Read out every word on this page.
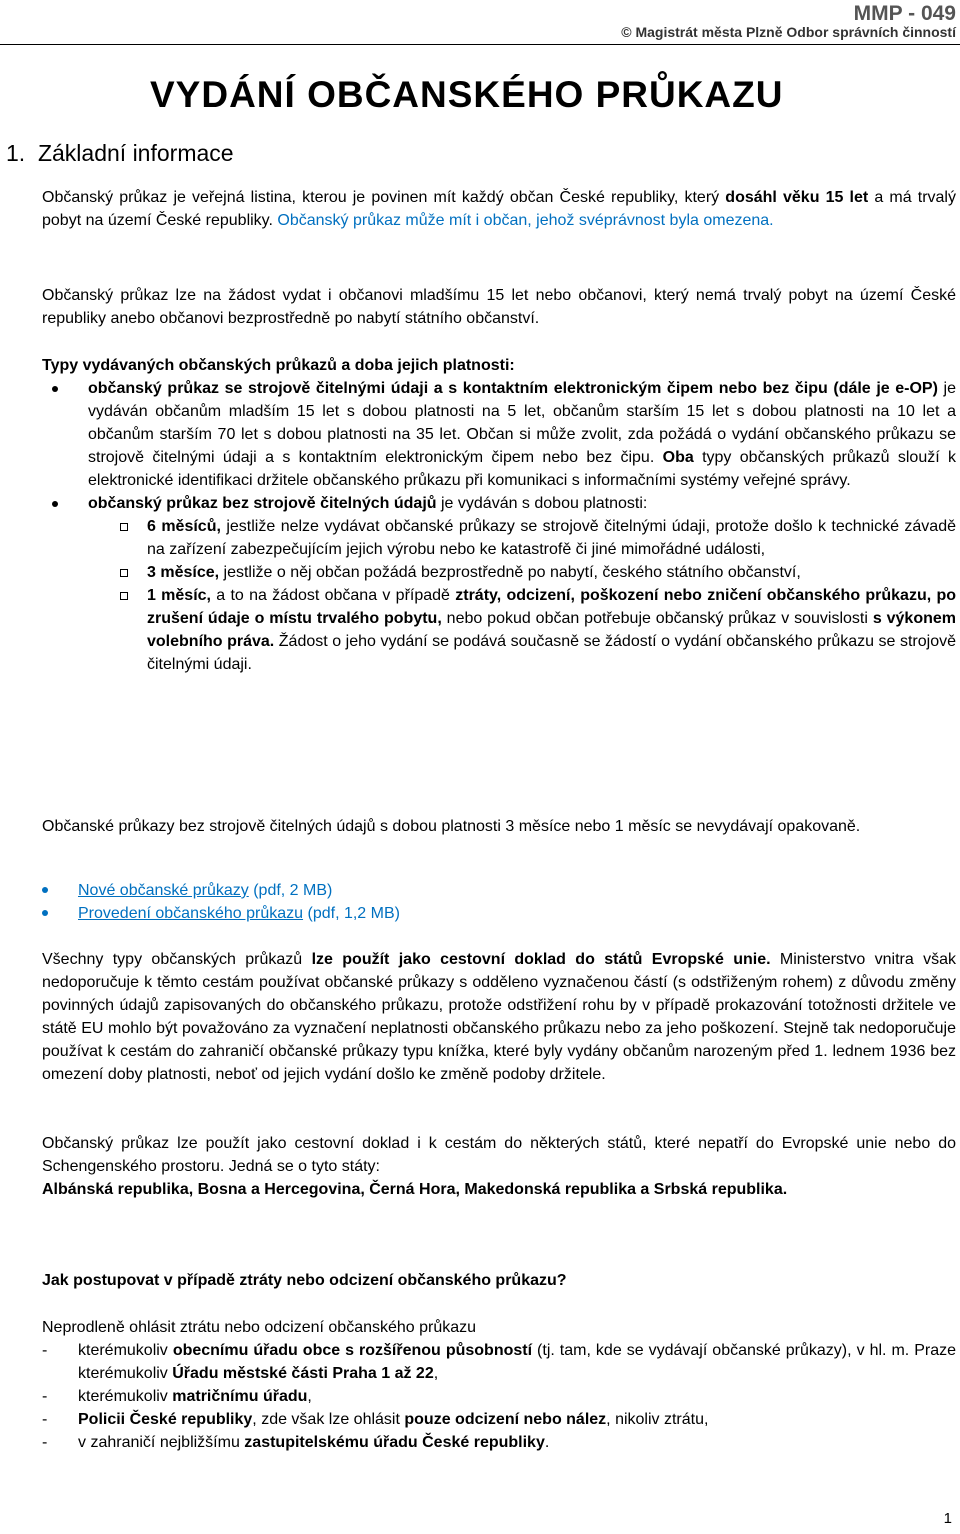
MMP - 049
© Magistrát města Plzně Odbor správních činností
VYDÁNÍ OBČANSKÉHO PRŮKAZU
1. Základní informace
Občanský průkaz je veřejná listina, kterou je povinen mít každý občan České republiky, který dosáhl věku 15 let a má trvalý pobyt na území České republiky. Občanský průkaz může mít i občan, jehož svéprávnost byla omezena.
Občanský průkaz lze na žádost vydat i občanovi mladšímu 15 let nebo občanovi, který nemá trvalý pobyt na území České republiky anebo občanovi bezprostředně po nabytí státního občanství.
Typy vydávaných občanských průkazů a doba jejich platnosti:
občanský průkaz se strojově čitelnými údaji a s kontaktním elektronickým čipem nebo bez čipu (dále je e-OP) je vydáván občanům mladším 15 let s dobou platnosti na 5 let, občanům starším 15 let s dobou platnosti na 10 let a občanům starším 70 let s dobou platnosti na 35 let. Občan si může zvolit, zda požádá o vydání občanského průkazu se strojově čitelnými údaji a s kontaktním elektronickým čipem nebo bez čipu. Oba typy občanských průkazů slouží k elektronické identifikaci držitele občanského průkazu při komunikaci s informačními systémy veřejné správy.
občanský průkaz bez strojově čitelných údajů je vydáván s dobou platnosti:
6 měsíců, jestliže nelze vydávat občanské průkazy se strojově čitelnými údaji, protože došlo k technické závadě na zařízení zabezpečujícím jejich výrobu nebo ke katastrofě či jiné mimořádné události,
3 měsíce, jestliže o něj občan požádá bezprostředně po nabytí, českého státního občanství,
1 měsíc, a to na žádost občana v případě ztráty, odcizení, poškození nebo zničení občanského průkazu, po zrušení údaje o místu trvalého pobytu, nebo pokud občan potřebuje občanský průkaz v souvislosti s výkonem volebního práva. Žádost o jeho vydání se podává současně se žádostí o vydání občanského průkazu se strojově čitelnými údaji.
Občanské průkazy bez strojově čitelných údajů s dobou platnosti 3 měsíce nebo 1 měsíc se nevydávají opakovaně.
Nové občanské průkazy (pdf, 2 MB)
Provedení občanského průkazu (pdf, 1,2 MB)
Všechny typy občanských průkazů lze použít jako cestovní doklad do států Evropské unie. Ministerstvo vnitra však nedoporučuje k těmto cestám používat občanské průkazy s odděleno vyznačenou částí (s odstřiženým rohem) z důvodu změny povinných údajů zapisovaných do občanského průkazu, protože odstřižení rohu by v případě prokazování totožnosti držitele ve státě EU mohlo být považováno za vyznačení neplatnosti občanského průkazu nebo za jeho poškození. Stejně tak nedoporučuje používat k cestám do zahraničí občanské průkazy typu knížka, které byly vydány občanům narozeným před 1. lednem 1936 bez omezení doby platnosti, neboť od jejich vydání došlo ke změně podoby držitele.
Občanský průkaz lze použít jako cestovní doklad i k cestám do některých států, které nepatří do Evropské unie nebo do Schengenského prostoru. Jedná se o tyto státy:
Albánská republika, Bosna a Hercegovina, Černá Hora, Makedonská republika a Srbská republika.
Jak postupovat v případě ztráty nebo odcizení občanského průkazu?
Neprodleně ohlásit ztrátu nebo odcizení občanského průkazu
- kterémukoliv obecnímu úřadu obce s rozšířenou působností (tj. tam, kde se vydávají občanské průkazy), v hl. m. Praze kterémukoliv Úřadu městské části Praha 1 až 22,
- kterémukoliv matričnímu úřadu,
- Policii České republiky, zde však lze ohlásit pouze odcizení nebo nález, nikoliv ztrátu,
- v zahraničí nejbližšímu zastupitelskému úřadu České republiky.
1
